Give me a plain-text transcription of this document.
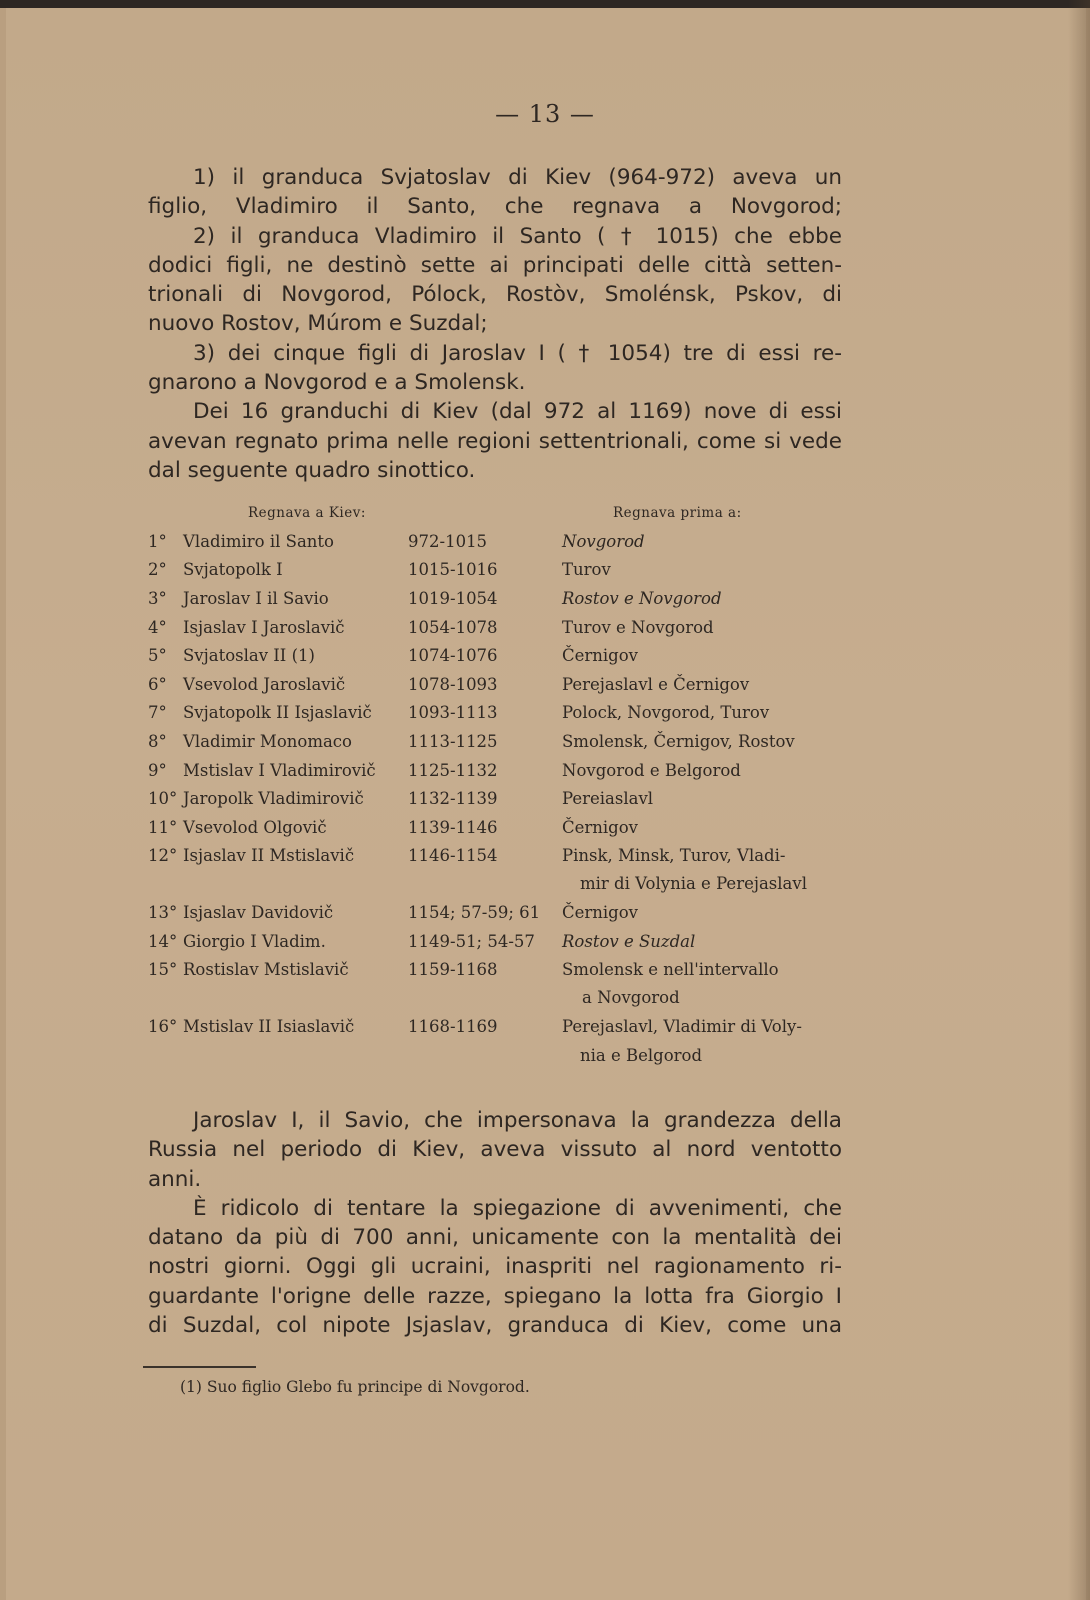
— 13 —
1) il granduca Svjatoslav di Kiev (964-972) aveva un
figlio, Vladimiro il Santo, che regnava a Novgorod;
2) il granduca Vladimiro il Santo ( † 1015) che ebbe
dodici figli, ne destinò sette ai principati delle città setten-
trionali di Novgorod, Pólock, Rostòv, Smolénsk, Pskov, di
nuovo Rostov, Múrom e Suzdal;
3) dei cinque figli di Jaroslav I ( † 1054) tre di essi re-
gnarono a Novgorod e a Smolensk.
Dei 16 granduchi di Kiev (dal 972 al 1169) nove di essi
avevan regnato prima nelle regioni settentrionali, come si vede
dal seguente quadro sinottico.
Regnava a Kiev:	Regnava prima a:
1° Vladimiro il Santo	972-1015	Novgorod
2° Svjatopolk I	1015-1016	Turov
3° Jaroslav I il Savio	1019-1054	Rostov e Novgorod
4° Isjaslav I Jaroslavič	1054-1078	Turov e Novgorod
5° Svjatoslav II (1)	1074-1076	Černigov
6° Vsevolod Jaroslavič	1078-1093	Perejaslavl e Černigov
7° Svjatopolk II Isjaslavič 1093-1113	Polock, Novgorod, Turov
8° Vladimir Monomaco	1113-1125	Smolensk, Černigov, Rostov
9° Mstislav I Vladimirovič 1125-1132	Novgorod e Belgorod
10° Jaropolk Vladimirovič	1132-1139	Pereiaslavl
11° Vsevolod Olgovič	1139-1146	Černigov
12° Isjaslav II Mstislavič	1146-1154	Pinsk, Minsk, Turov, Vladi-
mir di Volynia e Perejaslavl
13° Isjaslav Davidovič	1154; 57-59; 61 Černigov
14° Giorgio I Vladim.	1149-51; 54-57 Rostov e Suzdal
15° Rostislav Mstislavič	1159-1168	Smolensk e nell'intervallo
a Novgorod
16° Mstislav II Isiaslavič	1168-1169	Perejaslavl, Vladimir di Voly-
nia e Belgorod
Jaroslav I, il Savio, che impersonava la grandezza della
Russia nel periodo di Kiev, aveva vissuto al nord ventotto
anni.
È ridicolo di tentare la spiegazione di avvenimenti, che
datano da più di 700 anni, unicamente con la mentalità dei
nostri giorni. Oggi gli ucraini, inaspriti nel ragionamento ri-
guardante l'origne delle razze, spiegano la lotta fra Giorgio I
di Suzdal, col nipote Jsjaslav, granduca di Kiev, come una
(1) Suo figlio Glebo fu principe di Novgorod.
